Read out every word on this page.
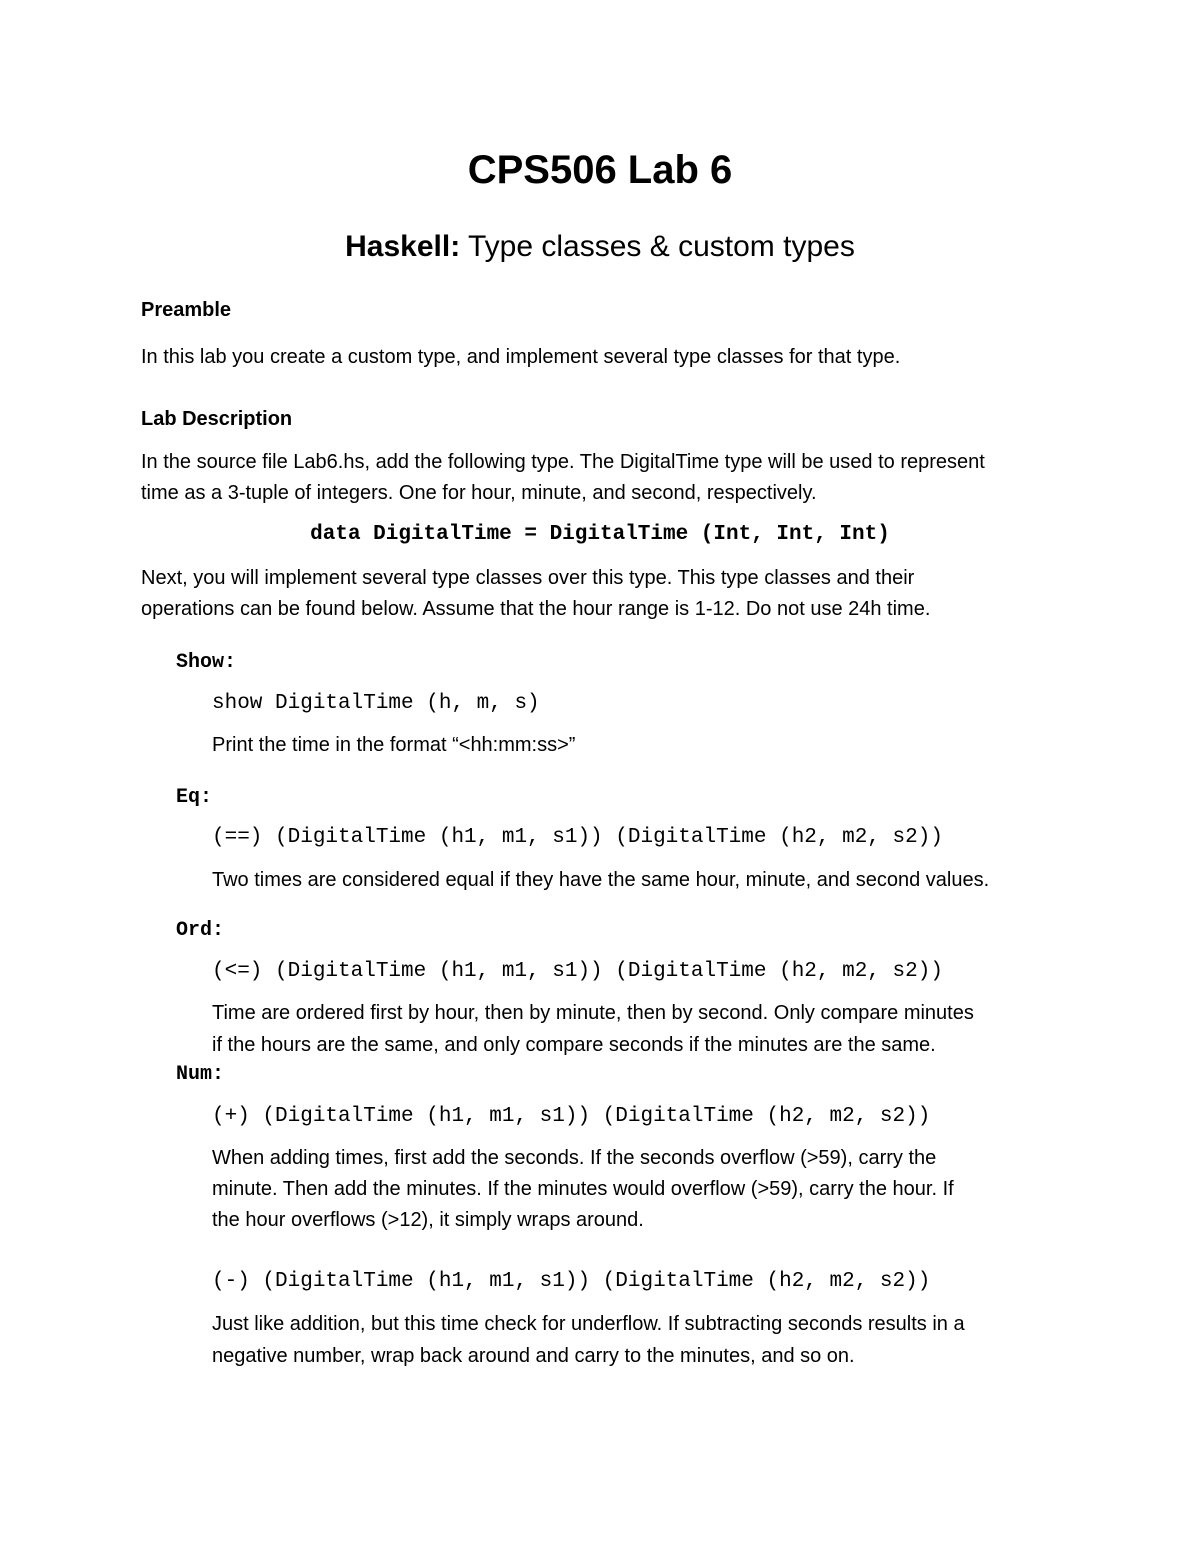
CPS506 Lab 6
Haskell: Type classes & custom types
Preamble
In this lab you create a custom type, and implement several type classes for that type.
Lab Description
In the source file Lab6.hs, add the following type. The DigitalTime type will be used to represent
time as a 3-tuple of integers. One for hour, minute, and second, respectively.
data DigitalTime = DigitalTime (Int, Int, Int)
Next, you will implement several type classes over this type. This type classes and their
operations can be found below. Assume that the hour range is 1-12. Do not use 24h time.
Show:
show DigitalTime (h, m, s)
Print the time in the format “<hh:mm:ss>”
Eq:
(==) (DigitalTime (h1, m1, s1)) (DigitalTime (h2, m2, s2))
Two times are considered equal if they have the same hour, minute, and second values.
Ord:
(<=) (DigitalTime (h1, m1, s1)) (DigitalTime (h2, m2, s2))
Time are ordered first by hour, then by minute, then by second. Only compare minutes
if the hours are the same, and only compare seconds if the minutes are the same.
Num:
(+) (DigitalTime (h1, m1, s1)) (DigitalTime (h2, m2, s2))
When adding times, first add the seconds. If the seconds overflow (>59), carry the
minute. Then add the minutes. If the minutes would overflow (>59), carry the hour. If
the hour overflows (>12), it simply wraps around.
(-) (DigitalTime (h1, m1, s1)) (DigitalTime (h2, m2, s2))
Just like addition, but this time check for underflow. If subtracting seconds results in a
negative number, wrap back around and carry to the minutes, and so on.
